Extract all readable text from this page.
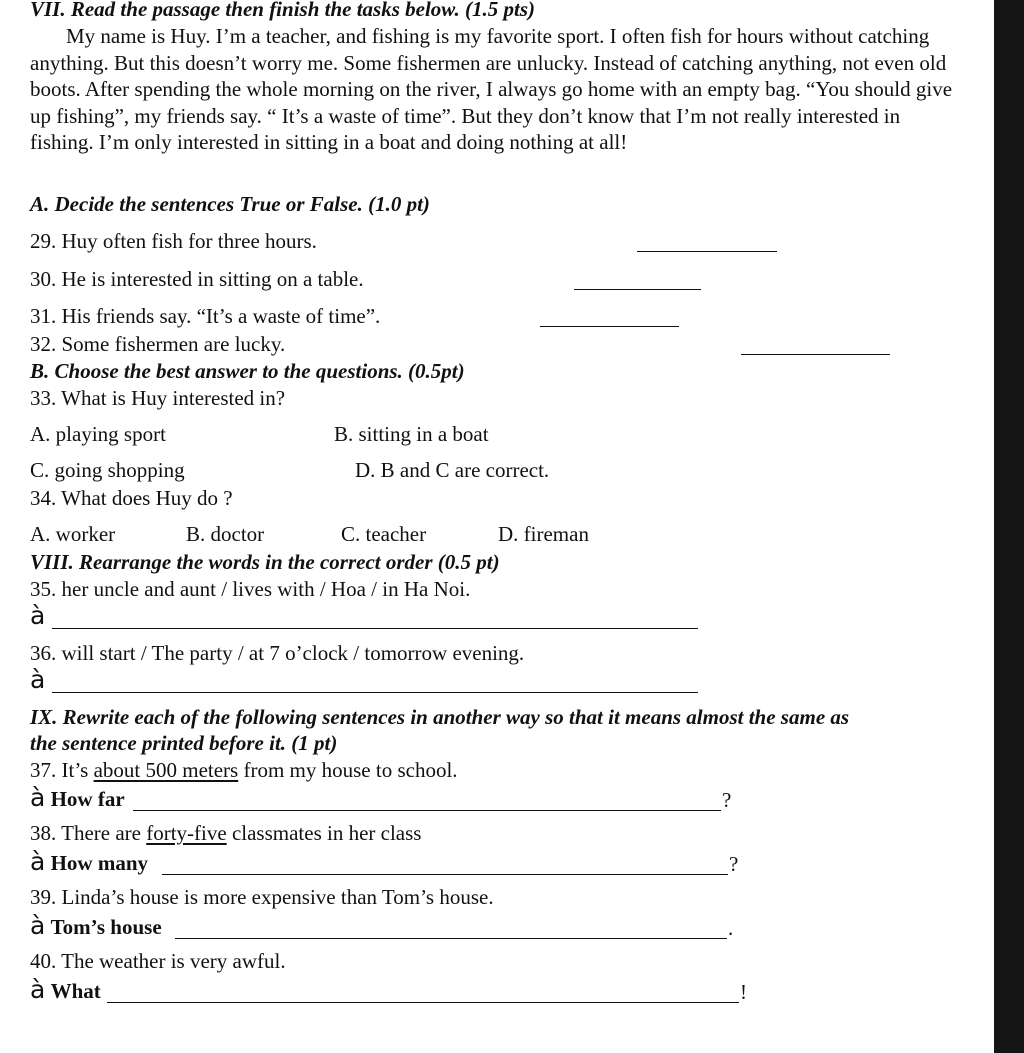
VII. Read the passage then finish the tasks below. (1.5 pts)
My name is Huy. I’m a teacher, and fishing is my favorite sport. I often fish for hours without catching anything. But this doesn’t worry me. Some fishermen are unlucky. Instead of catching anything, not even old boots. After spending the whole morning on the river, I always go home with an empty bag. “You should give up fishing”, my friends say. “ It’s a waste of time”. But they don’t know that I’m not really interested in fishing. I’m only interested in sitting in a boat and doing nothing at all!
A. Decide the sentences True or False. (1.0 pt)
29. Huy often fish for three hours.
30. He is interested in sitting on a table.
31. His friends say. “It’s a waste of time”.
32. Some fishermen are lucky.
B. Choose the best answer to the questions. (0.5pt)
33. What is Huy interested in?
A. playing sport	B. sitting in a boat
C. going shopping	D. B and C are correct.
34. What does Huy do ?
A. worker	B. doctor	C. teacher	D. fireman
VIII. Rearrange the words in the correct order (0.5 pt)
35. her uncle and aunt / lives with / Hoa / in Ha Noi.
à
36. will start / The party / at 7 o’clock / tomorrow evening.
à
IX. Rewrite each of the following sentences in another way so that it means almost the same as
the sentence printed before it. (1 pt)
37. It’s about 500 meters from my house to school.
à How far	?
38. There are forty-five classmates in her class
à How many	?
39. Linda’s house is more expensive than Tom’s house.
à Tom’s house	.
40. The weather is very awful.
à What	!
